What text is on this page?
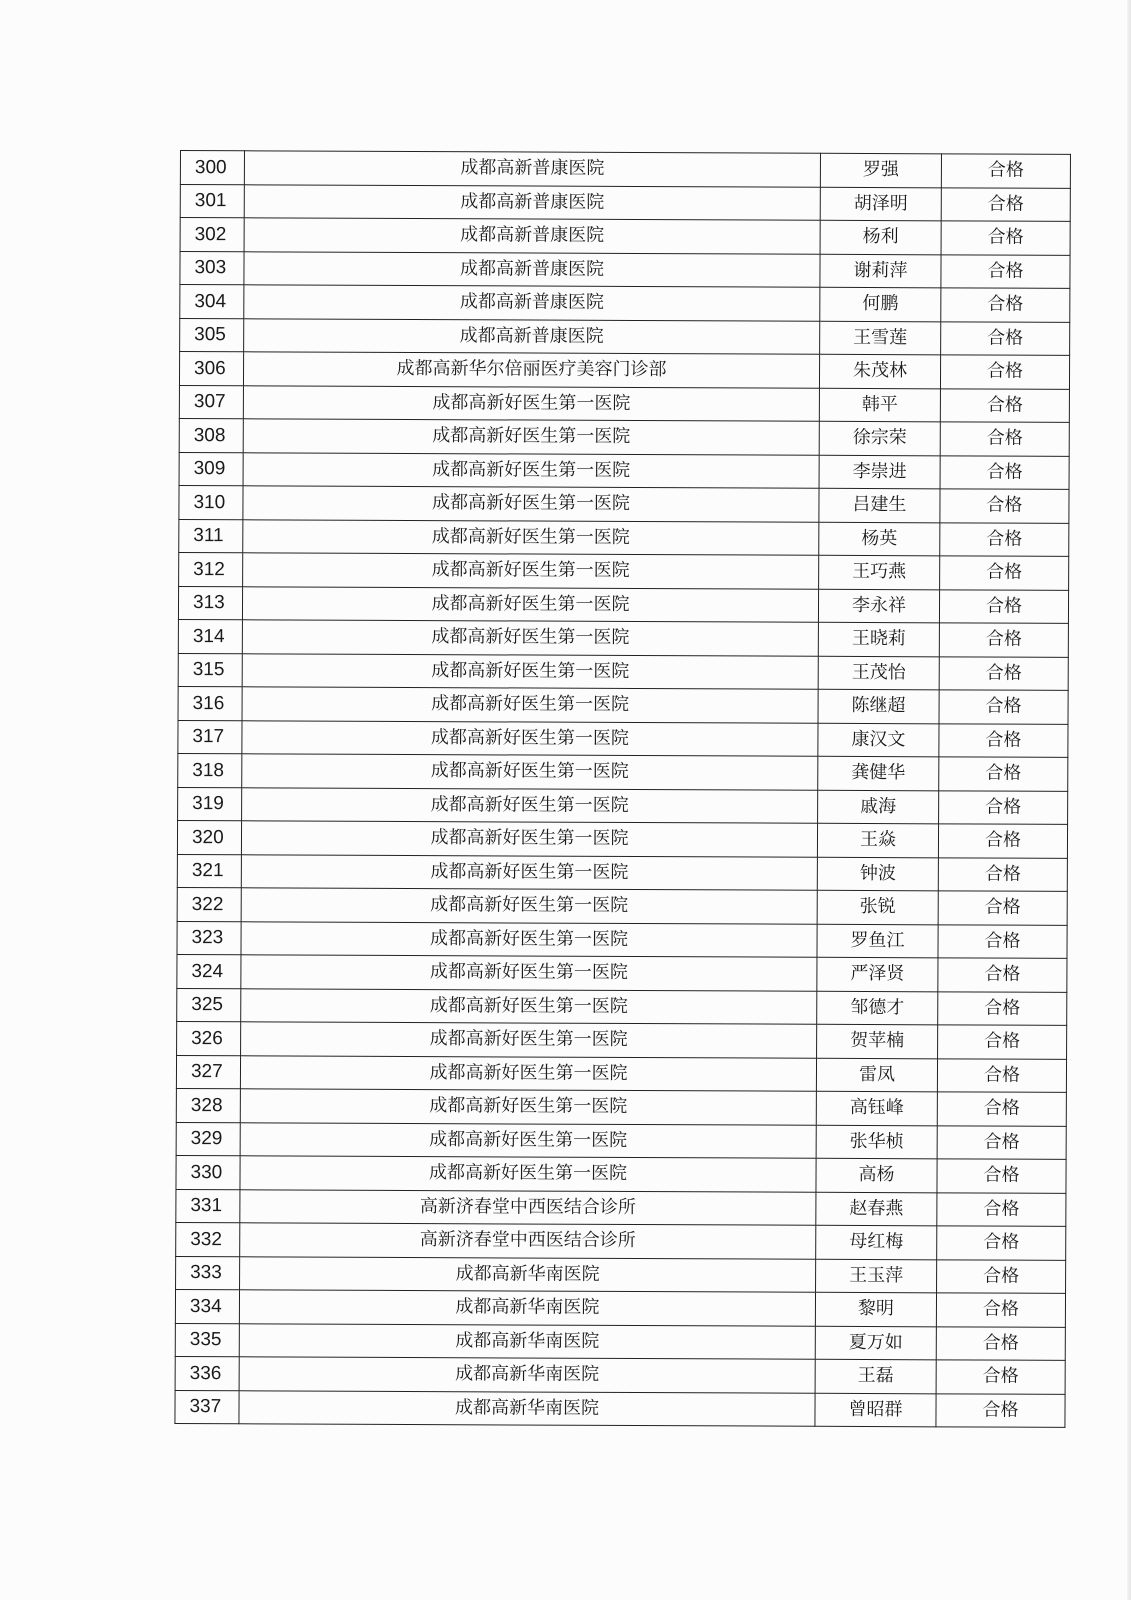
300	成都高新普康医院	罗强	合格
301	成都高新普康医院	胡泽明	合格
302	成都高新普康医院	杨利	合格
303	成都高新普康医院	谢莉萍	合格
304	成都高新普康医院	何鹏	合格
305	成都高新普康医院	王雪莲	合格
306	成都高新华尔倍丽医疗美容门诊部	朱茂林	合格
307	成都高新好医生第一医院	韩平	合格
308	成都高新好医生第一医院	徐宗荣	合格
309	成都高新好医生第一医院	李崇进	合格
310	成都高新好医生第一医院	吕建生	合格
311	成都高新好医生第一医院	杨英	合格
312	成都高新好医生第一医院	王巧燕	合格
313	成都高新好医生第一医院	李永祥	合格
314	成都高新好医生第一医院	王晓莉	合格
315	成都高新好医生第一医院	王茂怡	合格
316	成都高新好医生第一医院	陈继超	合格
317	成都高新好医生第一医院	康汉文	合格
318	成都高新好医生第一医院	龚健华	合格
319	成都高新好医生第一医院	戚海	合格
320	成都高新好医生第一医院	王焱	合格
321	成都高新好医生第一医院	钟波	合格
322	成都高新好医生第一医院	张锐	合格
323	成都高新好医生第一医院	罗鱼江	合格
324	成都高新好医生第一医院	严泽贤	合格
325	成都高新好医生第一医院	邹德才	合格
326	成都高新好医生第一医院	贺苹楠	合格
327	成都高新好医生第一医院	雷凤	合格
328	成都高新好医生第一医院	高钰峰	合格
329	成都高新好医生第一医院	张华桢	合格
330	成都高新好医生第一医院	高杨	合格
331	高新济春堂中西医结合诊所	赵春燕	合格
332	高新济春堂中西医结合诊所	母红梅	合格
333	成都高新华南医院	王玉萍	合格
334	成都高新华南医院	黎明	合格
335	成都高新华南医院	夏万如	合格
336	成都高新华南医院	王磊	合格
337	成都高新华南医院	曾昭群	合格
